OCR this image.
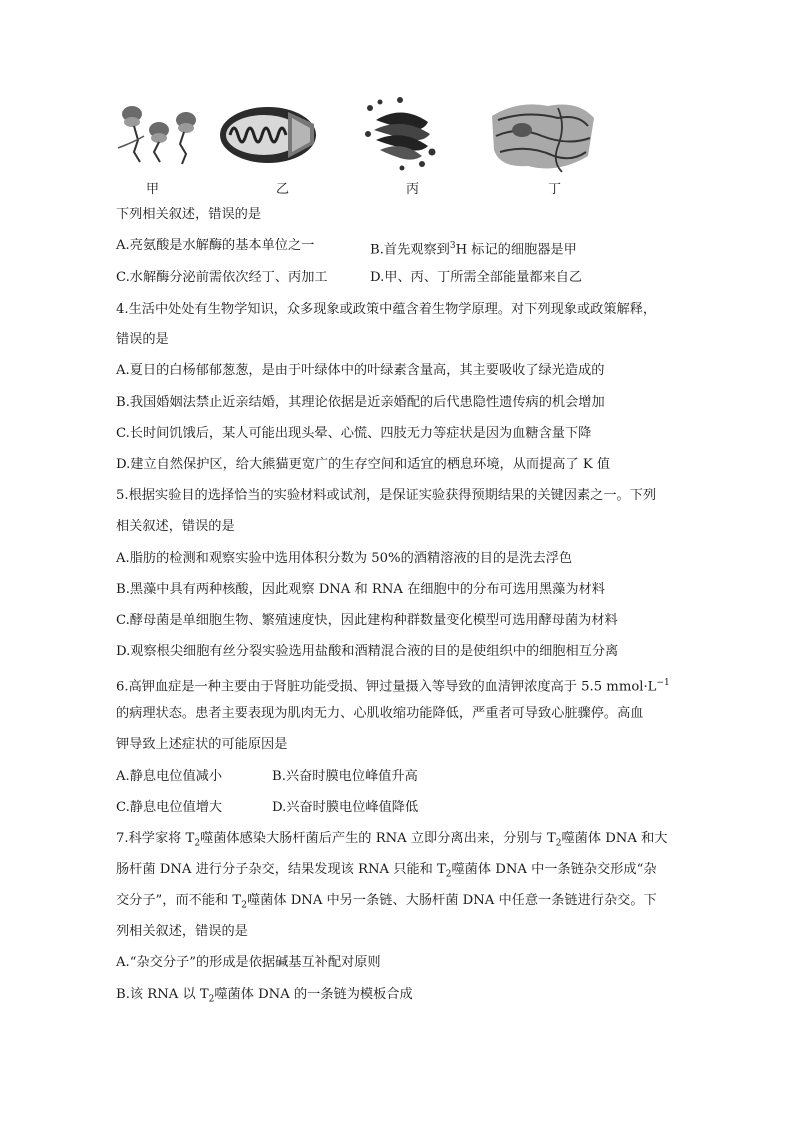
甲	乙	丙	丁
下列相关叙述，错误的是
A.亮氨酸是水解酶的基本单位之一	B.首先观察到$^3$H 标记的细胞器是甲
C.水解酶分泌前需依次经丁、丙加工	D.甲、丙、丁所需全部能量都来自乙
4.生活中处处有生物学知识，众多现象或政策中蕴含着生物学原理。对下列现象或政策解释，
错误的是
A.夏日的白杨郁郁葱葱，是由于叶绿体中的叶绿素含量高，其主要吸收了绿光造成的
B.我国婚姻法禁止近亲结婚，其理论依据是近亲婚配的后代患隐性遗传病的机会增加
C.长时间饥饿后，某人可能出现头晕、心慌、四肢无力等症状是因为血糖含量下降
D.建立自然保护区，给大熊猫更宽广的生存空间和适宜的栖息环境，从而提高了 K 值
5.根据实验目的选择恰当的实验材料或试剂，是保证实验获得预期结果的关键因素之一。下列
相关叙述，错误的是
A.脂肪的检测和观察实验中选用体积分数为 50%的酒精溶液的目的是洗去浮色
B.黑藻中具有两种核酸，因此观察 DNA 和 RNA 在细胞中的分布可选用黑藻为材料
C.酵母菌是单细胞生物、繁殖速度快，因此建构种群数量变化模型可选用酵母菌为材料
D.观察根尖细胞有丝分裂实验选用盐酸和酒精混合液的目的是使组织中的细胞相互分离
6.高钾血症是一种主要由于肾脏功能受损、钾过量摄入等导致的血清钾浓度高于 5.5 $mmol\cdot L^{-1}$
的病理状态。患者主要表现为肌肉无力、心肌收缩功能降低，严重者可导致心脏骤停。高血
钾导致上述症状的可能原因是
A.静息电位值减小	B.兴奋时膜电位峰值升高
C.静息电位值增大	D.兴奋时膜电位峰值降低
7.科学家将 $T_2$噬菌体感染大肠杆菌后产生的 RNA 立即分离出来，分别与 $T_2$噬菌体 DNA 和大
肠杆菌 DNA 进行分子杂交，结果发现该 RNA 只能和 $T_2$噬菌体 DNA 中一条链杂交形成“杂
交分子”，而不能和 $T_2$噬菌体 DNA 中另一条链、大肠杆菌 DNA 中任意一条链进行杂交。下
列相关叙述，错误的是
A.“杂交分子”的形成是依据碱基互补配对原则
B.该 RNA 以 $T_2$噬菌体 DNA 的一条链为模板合成
